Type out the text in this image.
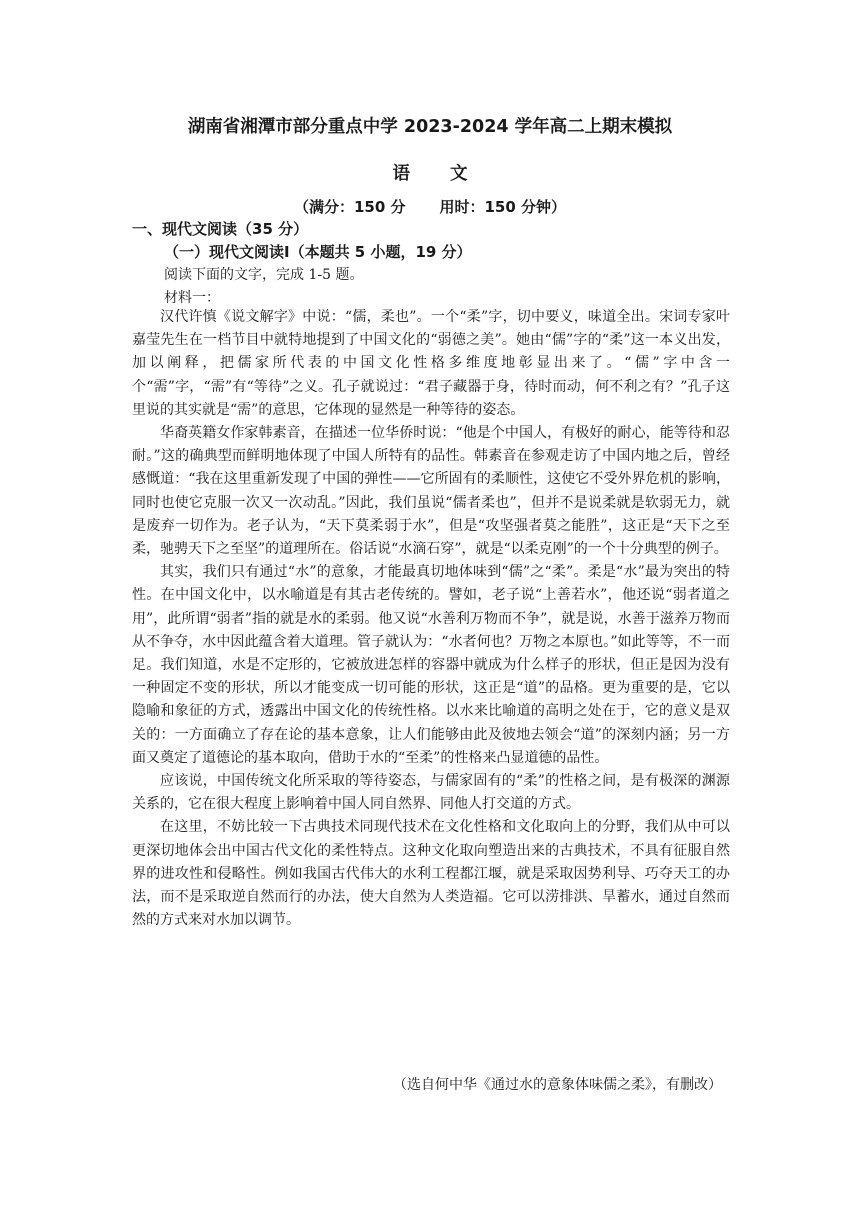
湖南省湘潭市部分重点中学 2023-2024 学年高二上期末模拟
语 文
（满分：150 分 用时：150 分钟）
一、现代文阅读（35 分）
（一）现代文阅读Ⅰ（本题共 5 小题，19 分）
阅读下面的文字，完成 1-5 题。
材料一：

汉代许慎《说文解字》中说：“儒，柔也”。一个“柔”字，切中要义，味道全出。宋词专家叶嘉莹先生在一档节目中就特地提到了中国文化的“弱德之美”。她由“儒”字的“柔”这一本义出发，加以阐释，把儒家所代表的中国文化性格多维度地彰显出来了。“儒”字中含一个“需”字，“需”有“等待”之义。孔子就说过：“君子藏器于身，待时而动，何不利之有？”孔子这里说的其实就是“需”的意思，它体现的显然是一种等待的姿态。

华裔英籍女作家韩素音，在描述一位华侨时说：“他是个中国人，有极好的耐心，能等待和忍耐。”这的确典型而鲜明地体现了中国人所特有的品性。韩素音在参观走访了中国内地之后，曾经感慨道：“我在这里重新发现了中国的弹性——它所固有的柔顺性，这使它不受外界危机的影响，同时也使它克服一次又一次动乱。”因此，我们虽说“儒者柔也”，但并不是说柔就是软弱无力，就是废弃一切作为。老子认为，“天下莫柔弱于水”，但是“攻坚强者莫之能胜”，这正是“天下之至柔，驰骋天下之至坚”的道理所在。俗话说“水滴石穿”，就是“以柔克刚”的一个十分典型的例子。

其实，我们只有通过“水”的意象，才能最真切地体味到“儒”之“柔”。柔是“水”最为突出的特性。在中国文化中，以水喻道是有其古老传统的。譬如，老子说“上善若水”，他还说“弱者道之用”，此所谓“弱者”指的就是水的柔弱。他又说“水善利万物而不争”，就是说，水善于滋养万物而从不争夺，水中因此蕴含着大道理。管子就认为：“水者何也？万物之本原也。”如此等等，不一而足。我们知道，水是不定形的，它被放进怎样的容器中就成为什么样子的形状，但正是因为没有一种固定不变的形状，所以才能变成一切可能的形状，这正是“道”的品格。更为重要的是，它以隐喻和象征的方式，透露出中国文化的传统性格。以水来比喻道的高明之处在于，它的意义是双关的：一方面确立了存在论的基本意象，让人们能够由此及彼地去领会“道”的深刻内涵；另一方面又奠定了道德论的基本取向，借助于水的“至柔”的性格来凸显道德的品性。

应该说，中国传统文化所采取的等待姿态，与儒家固有的“柔”的性格之间，是有极深的渊源关系的，它在很大程度上影响着中国人同自然界、同他人打交道的方式。

在这里，不妨比较一下古典技术同现代技术在文化性格和文化取向上的分野，我们从中可以更深切地体会出中国古代文化的柔性特点。这种文化取向塑造出来的古典技术，不具有征服自然界的进攻性和侵略性。例如我国古代伟大的水利工程都江堰，就是采取因势利导、巧夺天工的办法，而不是采取逆自然而行的办法，使大自然为人类造福。它可以涝排洪、旱蓄水，通过自然而然的方式来对水加以调节。

（选自何中华《通过水的意象体味儒之柔》，有删改）
